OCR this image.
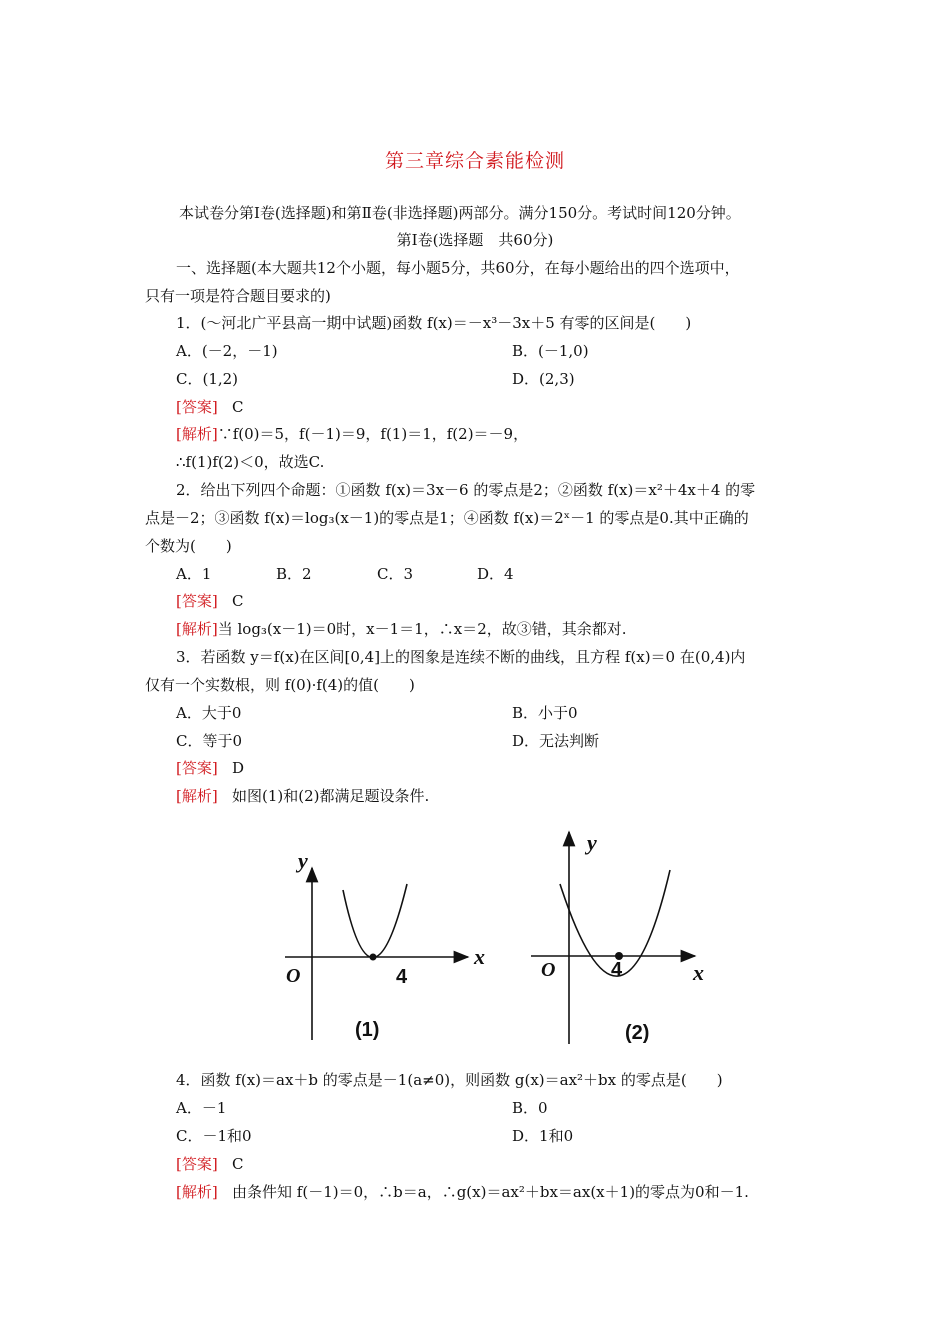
第三章综合素能检测
本试卷分第Ⅰ卷(选择题)和第Ⅱ卷(非选择题)两部分。满分150分。考试时间120分钟。
第Ⅰ卷(选择题　共60分)
一、选择题(本大题共12个小题，每小题5分，共60分，在每小题给出的四个选项中，
只有一项是符合题目要求的)
1．(～河北广平县高一期中试题)函数 f(x)＝－x³－3x＋5 有零的区间是(　　)
A．(－2，－1)	B．(－1,0)
C．(1,2)	D．(2,3)
[答案] C
[解析]∵f(0)＝5，f(－1)＝9，f(1)＝1，f(2)＝－9，
∴f(1)f(2)＜0，故选C.
2．给出下列四个命题：①函数 f(x)＝3x－6 的零点是2；②函数 f(x)＝x²＋4x＋4 的零
点是－2；③函数 f(x)＝log₃(x－1)的零点是1；④函数 f(x)＝2ˣ－1 的零点是0.其中正确的
个数为(　　)
A．1	B．2	C．3	D．4
[答案] C
[解析]当 log₃(x－1)＝0时，x－1＝1，∴x＝2，故③错，其余都对.
3．若函数 y＝f(x)在区间[0,4]上的图象是连续不断的曲线，且方程 f(x)＝0 在(0,4)内
仅有一个实数根，则 f(0)·f(4)的值(　　)
A．大于0	B．小于0
C．等于0	D．无法判断
[答案] D
[解析] 如图(1)和(2)都满足题设条件.
y
x
O	4
(1)
y
x
O	4
(2)
4．函数 f(x)＝ax＋b 的零点是－1(a≠0)，则函数 g(x)＝ax²＋bx 的零点是(　　)
A．－1	B．0
C．－1和0	D．1和0
[答案] C
[解析] 由条件知 f(－1)＝0，∴b＝a，∴g(x)＝ax²＋bx＝ax(x＋1)的零点为0和－1.
